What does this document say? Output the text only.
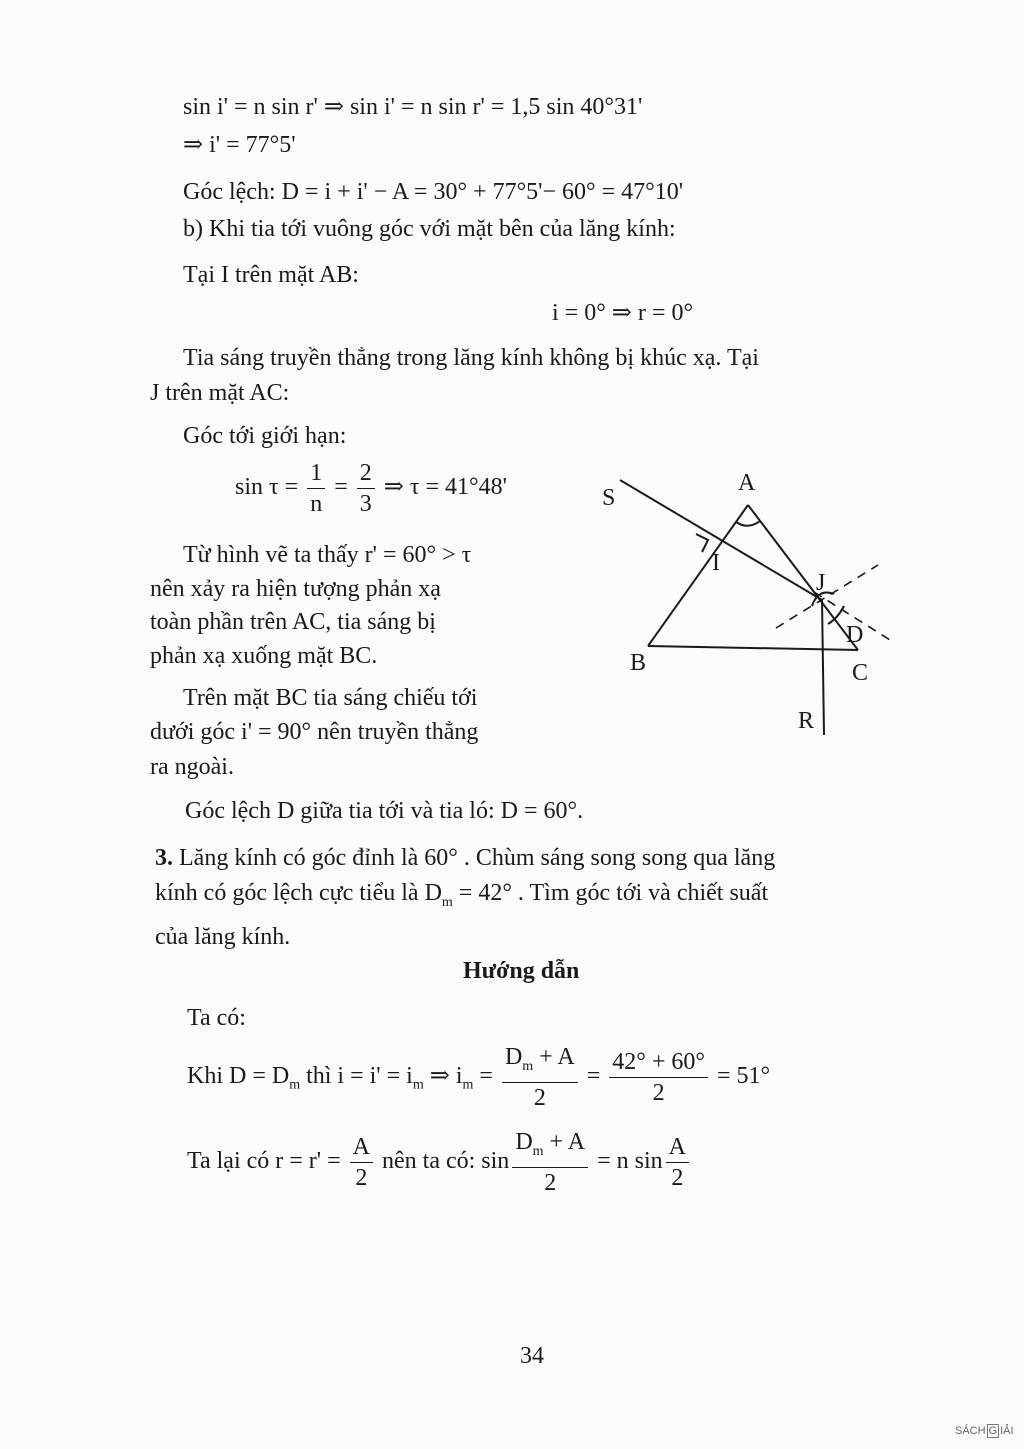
sin i' = n sin r' ⇒ sin i' = n sin r' = 1,5 sin 40°31'
⇒ i' = 77°5'
Góc lệch: D = i + i' − A = 30° + 77°5'− 60° = 47°10'
b) Khi tia tới vuông góc với mặt bên của lăng kính:
Tại I trên mặt AB:
i = 0° ⇒ r = 0°
Tia sáng truyền thẳng trong lăng kính không bị khúc xạ. Tại
J trên mặt AC:
Góc tới giới hạn:
$\sin \tau = \frac{1}{n} = \frac{2}{3}$ ⇒ τ = 41°48'
Từ hình vẽ ta thấy r' = 60° > τ
nên xảy ra hiện tượng phản xạ
toàn phần trên AC, tia sáng bị
phản xạ xuống mặt BC.
Trên mặt BC tia sáng chiếu tới
dưới góc i' = 90° nên truyền thẳng
ra ngoài.
Góc lệch D giữa tia tới và tia ló: D = 60°.
3. Lăng kính có góc đỉnh là 60° . Chùm sáng song song qua lăng
kính có góc lệch cực tiểu là $D_m = 42^\circ$ . Tìm góc tới và chiết suất
của lăng kính.
Hướng dẫn
Ta có:
Khi $D = D_m$ thì $i = i' = i_m$ ⇒ $i_m = \frac{D_m + A}{2} = \frac{42^\circ + 60^\circ}{2} = 51^\circ$
Ta lại có $r = r' = \frac{A}{2}$ nên ta có: $\sin \frac{D_m + A}{2} = n$ $\sin \frac{A}{2}$
A
B	C
S
I
J
D
R
34
SÁCH G IẢI
